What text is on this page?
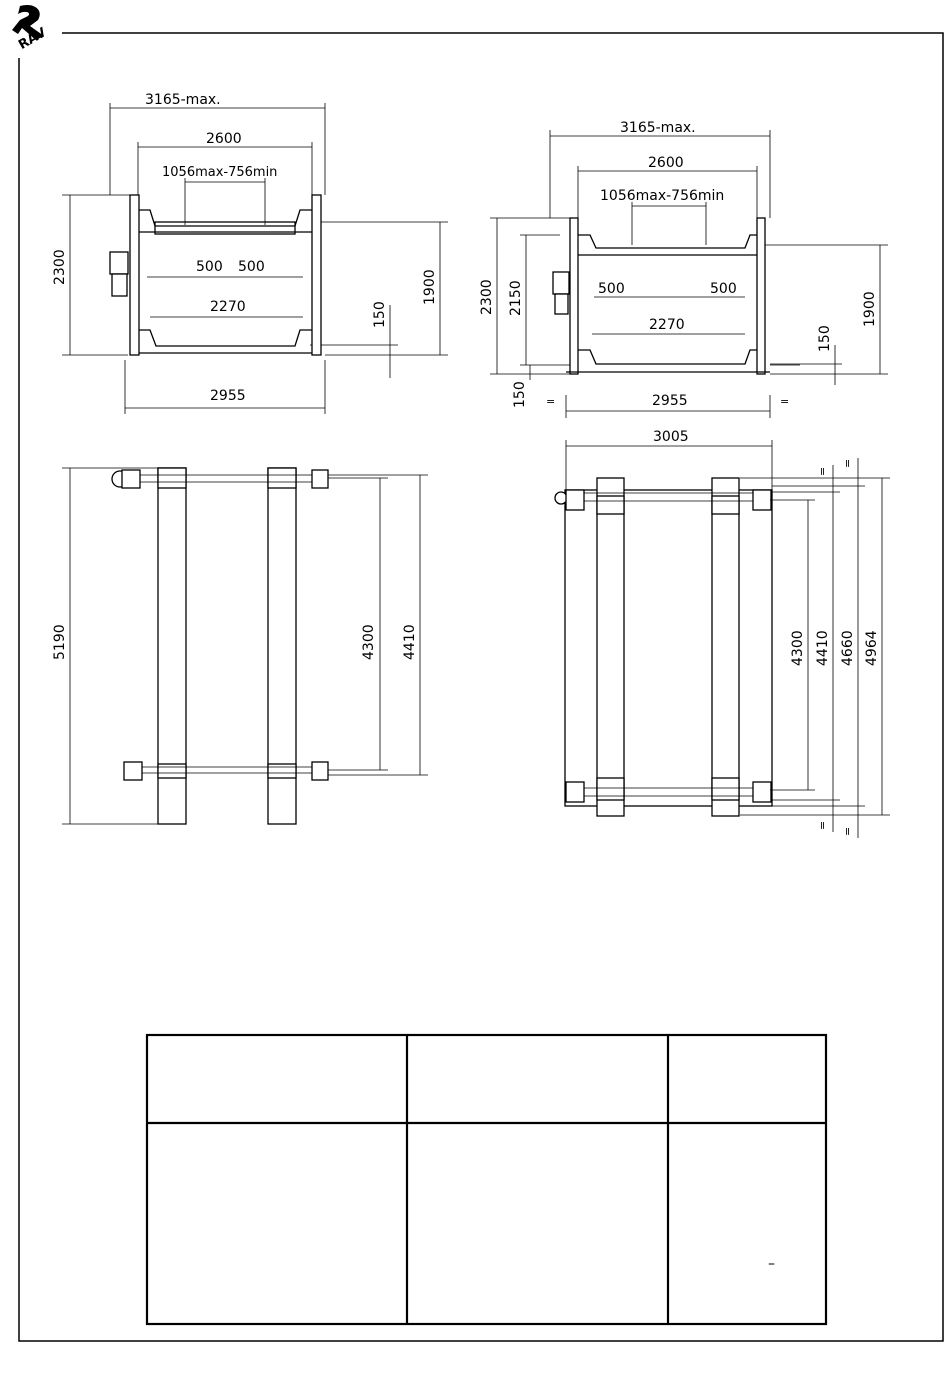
RAV
3165-max.
2600
1056max-756min
500 500
2270
2955
2300
1900
150
3165-max.
2600
1056max-756min
500	500
2270
2955
=	=
3005
2300 2150	1900
150
150
5190	4300 4410	4300 4410 4660 4964
=
=
=
=
–
